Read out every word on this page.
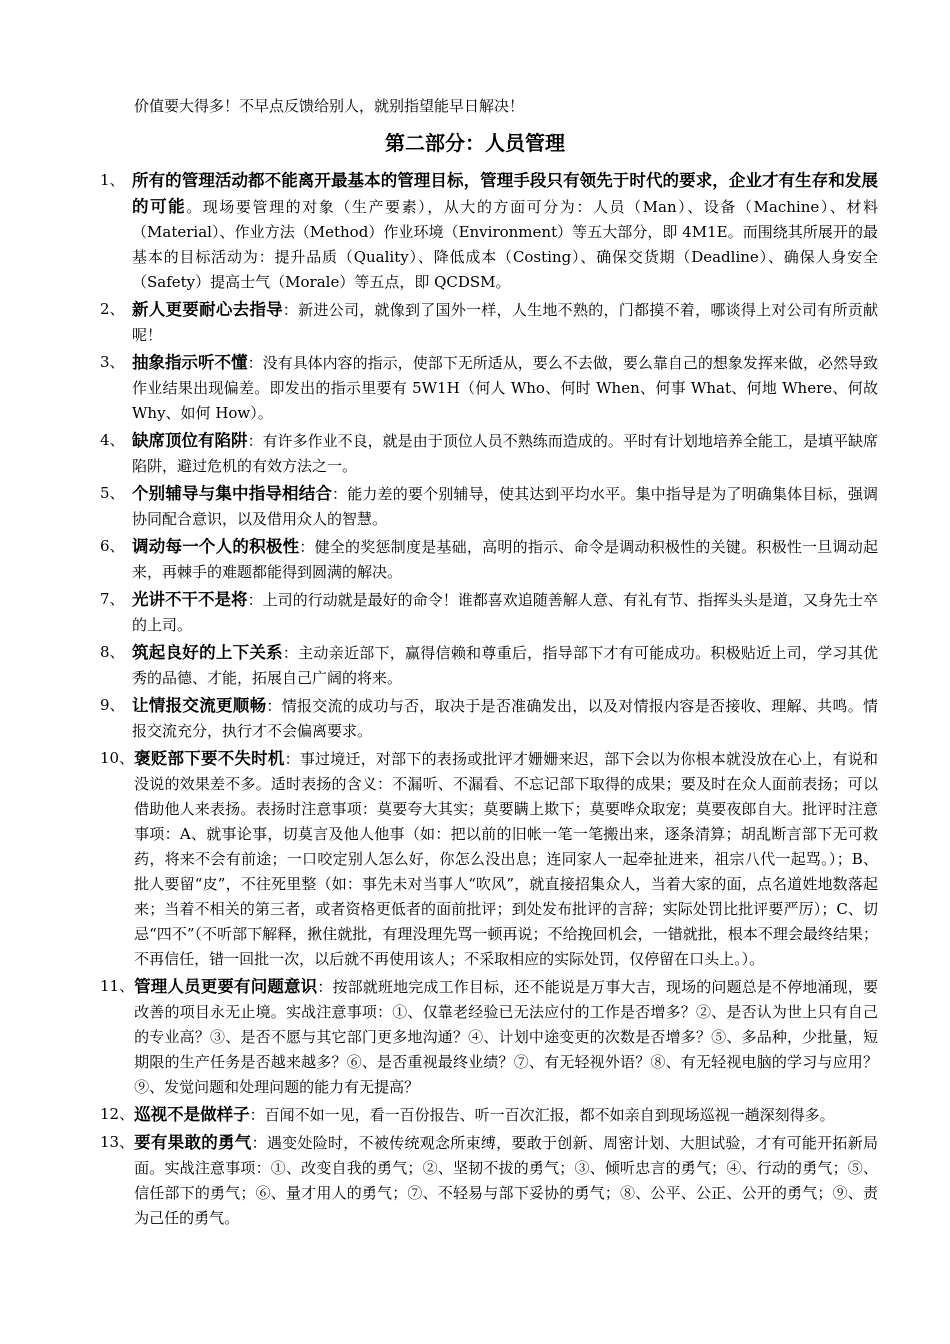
价值要大得多！不早点反馈给别人，就别指望能早日解决！
第二部分：人员管理
1、 所有的管理活动都不能离开最基本的管理目标，管理手段只有领先于时代的要求，企业才有生存和发展的可能。现场要管理的对象（生产要素），从大的方面可分为：人员（Man）、设备（Machine）、材料（Material）、作业方法（Method）作业环境（Environment）等五大部分，即 4M1E。而围绕其所展开的最基本的目标活动为：提升品质（Quality）、降低成本（Costing）、确保交货期（Deadline）、确保人身安全（Safety）提高士气（Morale）等五点，即 QCDSM。
2、 新人更要耐心去指导：新进公司，就像到了国外一样，人生地不熟的，门都摸不着，哪谈得上对公司有所贡献呢！
3、 抽象指示听不懂：没有具体内容的指示，使部下无所适从，要么不去做，要么靠自己的想象发挥来做，必然导致作业结果出现偏差。即发出的指示里要有 5W1H（何人 Who、何时 When、何事 What、何地 Where、何故 Why、如何 How）。
4、 缺席顶位有陷阱：有许多作业不良，就是由于顶位人员不熟练而造成的。平时有计划地培养全能工，是填平缺席陷阱，避过危机的有效方法之一。
5、 个别辅导与集中指导相结合：能力差的要个别辅导，使其达到平均水平。集中指导是为了明确集体目标，强调协同配合意识，以及借用众人的智慧。
6、 调动每一个人的积极性：健全的奖惩制度是基础，高明的指示、命令是调动积极性的关键。积极性一旦调动起来，再棘手的难题都能得到圆满的解决。
7、 光讲不干不是将：上司的行动就是最好的命令！谁都喜欢追随善解人意、有礼有节、指挥头头是道，又身先士卒的上司。
8、 筑起良好的上下关系：主动亲近部下，赢得信赖和尊重后，指导部下才有可能成功。积极贴近上司，学习其优秀的品德、才能，拓展自己广阔的将来。
9、 让情报交流更顺畅：情报交流的成功与否，取决于是否准确发出，以及对情报内容是否接收、理解、共鸣。情报交流充分，执行才不会偏离要求。
10、 褒贬部下要不失时机：事过境迁，对部下的表扬或批评才姗姗来迟，部下会以为你根本就没放在心上，有说和没说的效果差不多。适时表扬的含义：不漏听、不漏看、不忘记部下取得的成果；要及时在众人面前表扬；可以借助他人来表扬。表扬时注意事项：莫要夸大其实；莫要瞒上欺下；莫要哗众取宠；莫要夜郎自大。批评时注意事项：A、就事论事，切莫言及他人他事（如：把以前的旧帐一笔一笔搬出来，逐条清算；胡乱断言部下无可救药，将来不会有前途；一口咬定别人怎么好，你怎么没出息；连同家人一起牵扯进来，祖宗八代一起骂。）；B、批人要留“皮”，不往死里整（如：事先未对当事人“吹风”，就直接招集众人，当着大家的面，点名道姓地数落起来；当着不相关的第三者，或者资格更低者的面前批评；到处发布批评的言辞；实际处罚比批评要严厉）；C、切忌“四不”（不听部下解释，揪住就批，有理没理先骂一顿再说；不给挽回机会，一错就批，根本不理会最终结果；不再信任，错一回批一次，以后就不再使用该人；不采取相应的实际处罚，仅停留在口头上。）。
11、 管理人员更要有问题意识：按部就班地完成工作目标，还不能说是万事大吉，现场的问题总是不停地涌现，要改善的项目永无止境。实战注意事项：①、仅靠老经验已无法应付的工作是否增多？②、是否认为世上只有自己的专业高？③、是否不愿与其它部门更多地沟通？④、计划中途变更的次数是否增多？⑤、多品种，少批量，短期限的生产任务是否越来越多？⑥、是否重视最终业绩？⑦、有无轻视外语？⑧、有无轻视电脑的学习与应用？⑨、发觉问题和处理问题的能力有无提高？
12、 巡视不是做样子：百闻不如一见，看一百份报告、听一百次汇报，都不如亲自到现场巡视一趟深刻得多。
13、 要有果敢的勇气：遇变处险时，不被传统观念所束缚，要敢于创新、周密计划、大胆试验，才有可能开拓新局面。实战注意事项：①、改变自我的勇气；②、坚韧不拔的勇气；③、倾听忠言的勇气；④、行动的勇气；⑤、信任部下的勇气；⑥、量才用人的勇气；⑦、不轻易与部下妥协的勇气；⑧、公平、公正、公开的勇气；⑨、责为己任的勇气。
